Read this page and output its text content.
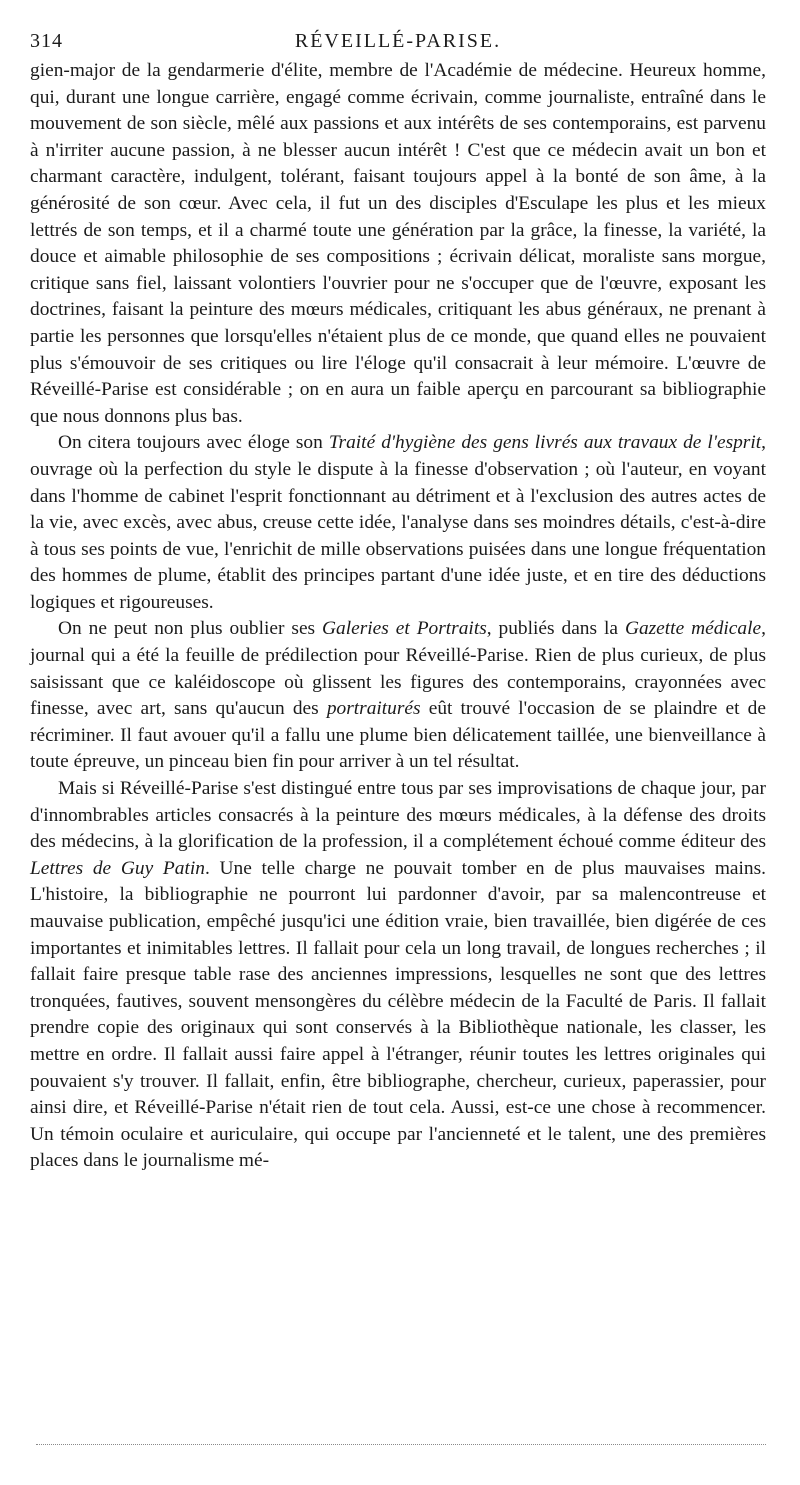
314	RÉVEILLÉ-PARISE.

gien-major de la gendarmerie d'élite, membre de l'Académie de médecine. Heureux homme, qui, durant une longue carrière, engagé comme écrivain, comme journaliste, entraîné dans le mouvement de son siècle, mêlé aux passions et aux intérêts de ses contemporains, est parvenu à n'irriter aucune passion, à ne blesser aucun intérêt ! C'est que ce médecin avait un bon et charmant caractère, indulgent, tolérant, faisant toujours appel à la bonté de son âme, à la générosité de son cœur. Avec cela, il fut un des disciples d'Esculape les plus et les mieux lettrés de son temps, et il a charmé toute une génération par la grâce, la finesse, la variété, la douce et aimable philosophie de ses compositions ; écrivain délicat, moraliste sans morgue, critique sans fiel, laissant volontiers l'ouvrier pour ne s'occuper que de l'œuvre, exposant les doctrines, faisant la peinture des mœurs médicales, critiquant les abus généraux, ne prenant à partie les personnes que lorsqu'elles n'étaient plus de ce monde, que quand elles ne pouvaient plus s'émouvoir de ses critiques ou lire l'éloge qu'il consacrait à leur mémoire. L'œuvre de Réveillé-Parise est considérable ; on en aura un faible aperçu en parcourant sa bibliographie que nous donnons plus bas.

On citera toujours avec éloge son Traité d'hygiène des gens livrés aux travaux de l'esprit, ouvrage où la perfection du style le dispute à la finesse d'observation ; où l'auteur, en voyant dans l'homme de cabinet l'esprit fonctionnant au détriment et à l'exclusion des autres actes de la vie, avec excès, avec abus, creuse cette idée, l'analyse dans ses moindres détails, c'est-à-dire à tous ses points de vue, l'enrichit de mille observations puisées dans une longue fréquentation des hommes de plume, établit des principes partant d'une idée juste, et en tire des déductions logiques et rigoureuses.

On ne peut non plus oublier ses Galeries et Portraits, publiés dans la Gazette médicale, journal qui a été la feuille de prédilection pour Réveillé-Parise. Rien de plus curieux, de plus saisissant que ce kaléidoscope où glissent les figures des contemporains, crayonnées avec finesse, avec art, sans qu'aucun des portraiturés eût trouvé l'occasion de se plaindre et de récriminer. Il faut avouer qu'il a fallu une plume bien délicatement taillée, une bienveillance à toute épreuve, un pinceau bien fin pour arriver à un tel résultat.

Mais si Réveillé-Parise s'est distingué entre tous par ses improvisations de chaque jour, par d'innombrables articles consacrés à la peinture des mœurs médicales, à la défense des droits des médecins, à la glorification de la profession, il a complétement échoué comme éditeur des Lettres de Guy Patin. Une telle charge ne pouvait tomber en de plus mauvaises mains. L'histoire, la bibliographie ne pourront lui pardonner d'avoir, par sa malencontreuse et mauvaise publication, empêché jusqu'ici une édition vraie, bien travaillée, bien digérée de ces importantes et inimitables lettres. Il fallait pour cela un long travail, de longues recherches ; il fallait faire presque table rase des anciennes impressions, lesquelles ne sont que des lettres tronquées, fautives, souvent mensongères du célèbre médecin de la Faculté de Paris. Il fallait prendre copie des originaux qui sont conservés à la Bibliothèque nationale, les classer, les mettre en ordre. Il fallait aussi faire appel à l'étranger, réunir toutes les lettres originales qui pouvaient s'y trouver. Il fallait, enfin, être bibliographe, chercheur, curieux, paperassier, pour ainsi dire, et Réveillé-Parise n'était rien de tout cela. Aussi, est-ce une chose à recommencer. Un témoin oculaire et auriculaire, qui occupe par l'ancienneté et le talent, une des premières places dans le journalisme mé-
